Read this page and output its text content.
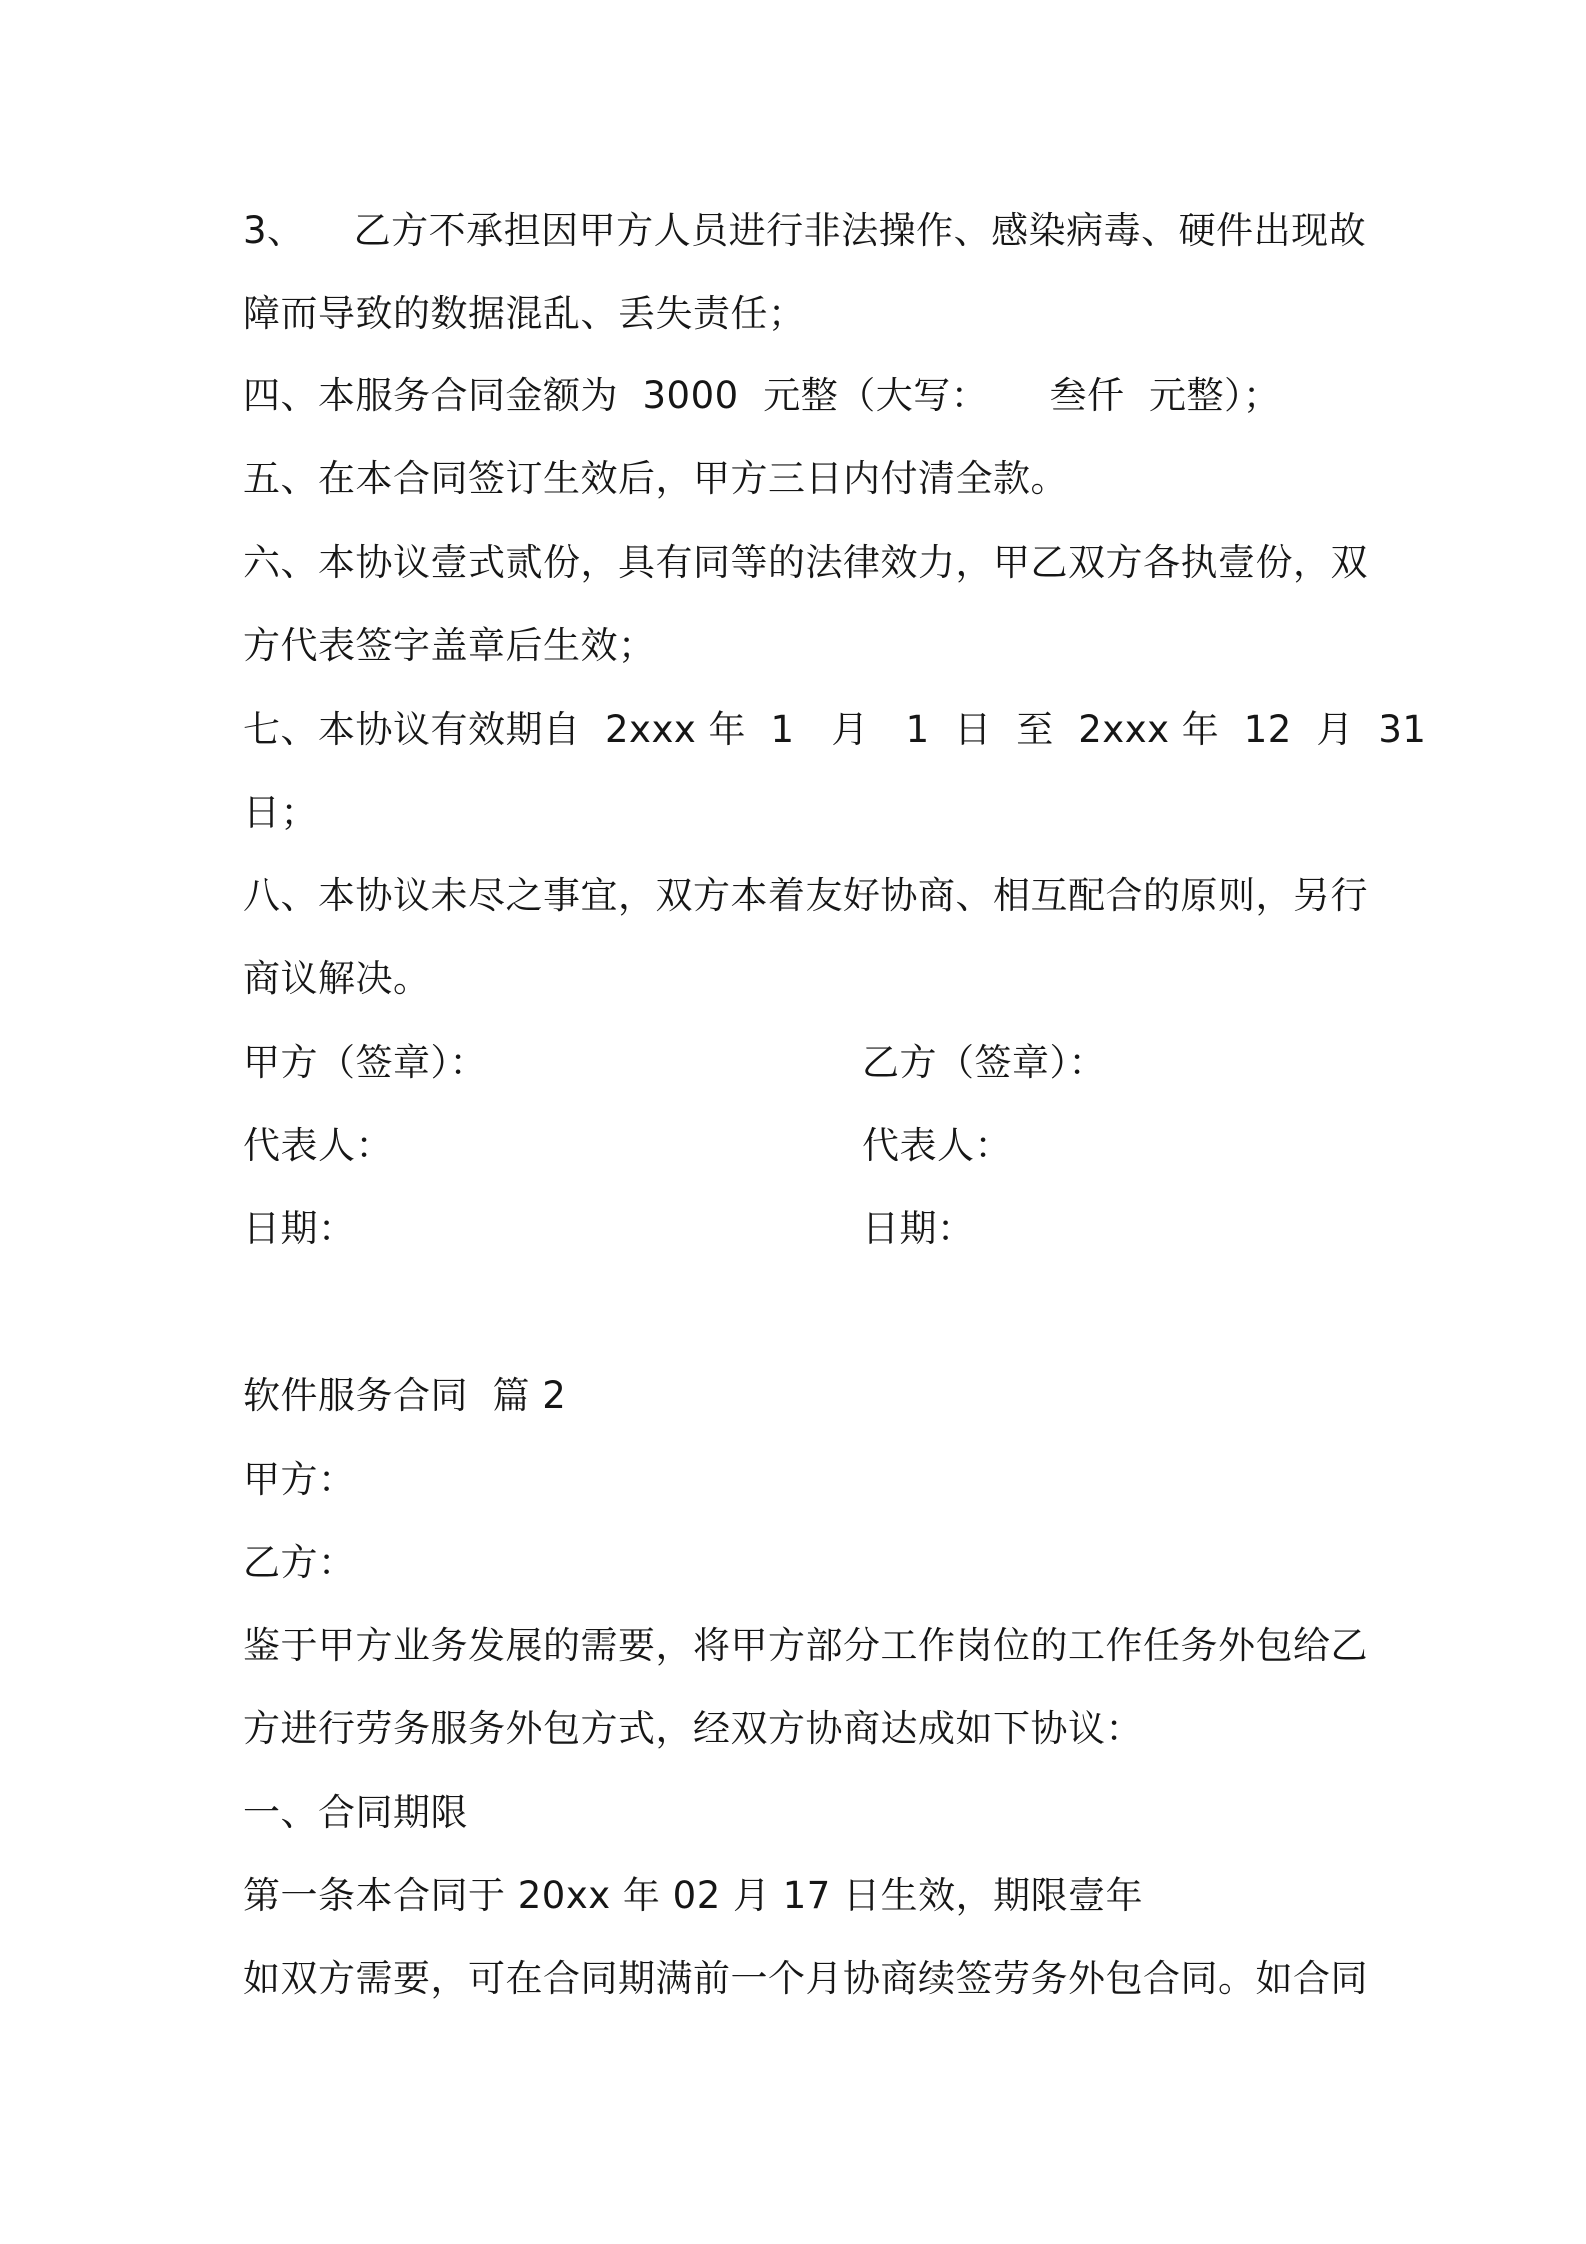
3、    乙方不承担因甲方人员进行非法操作、感染病毒、硬件出现故
障而导致的数据混乱、丢失责任；
四、本服务合同金额为  3000  元整（大写：     叁仟  元整）；
五、在本合同签订生效后，甲方三日内付清全款。
六、本协议壹式贰份，具有同等的法律效力，甲乙双方各执壹份，双
方代表签字盖章后生效；
七、本协议有效期自  2xxx 年  1   月   1  日  至  2xxx 年  12  月  31
日；
八、本协议未尽之事宜，双方本着友好协商、相互配合的原则，另行
商议解决。
甲方（签章）：	乙方（签章）：
代表人：	代表人：
日期：	日期：
软件服务合同  篇 2
甲方：
乙方：
鉴于甲方业务发展的需要，将甲方部分工作岗位的工作任务外包给乙
方进行劳务服务外包方式，经双方协商达成如下协议：
一、合同期限
第一条本合同于 20xx 年 02 月 17 日生效，期限壹年
如双方需要，可在合同期满前一个月协商续签劳务外包合同。如合同
